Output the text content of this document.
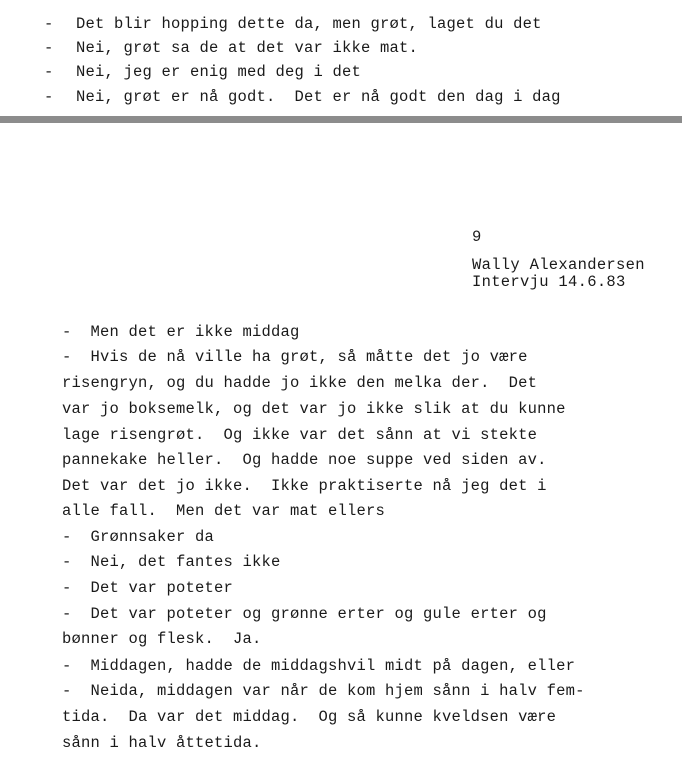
- Det blir hopping dette da, men grøt, laget du det
- Nei, grøt sa de at det var ikke mat.
- Nei, jeg er enig med deg i det
- Nei, grøt er nå godt.  Det er nå godt den dag i dag
9
Wally Alexandersen
Intervju 14.6.83
-  Men det er ikke middag
-  Hvis de nå ville ha grøt, så måtte det jo være
risengryn, og du hadde jo ikke den melka der.  Det
var jo boksemelk, og det var jo ikke slik at du kunne
lage risengrøt.  Og ikke var det sånn at vi stekte
pannekake heller.  Og hadde noe suppe ved siden av.
Det var det jo ikke.  Ikke praktiserte nå jeg det i
alle fall.  Men det var mat ellers
-  Grønnsaker da
-  Nei, det fantes ikke
-  Det var poteter
-  Det var poteter og grønne erter og gule erter og
bønner og flesk.  Ja.
-  Middagen, hadde de middagshvil midt på dagen, eller
-  Neida, middagen var når de kom hjem sånn i halv fem-
tida.  Da var det middag.  Og så kunne kveldsen være
sånn i halv åttetida.
